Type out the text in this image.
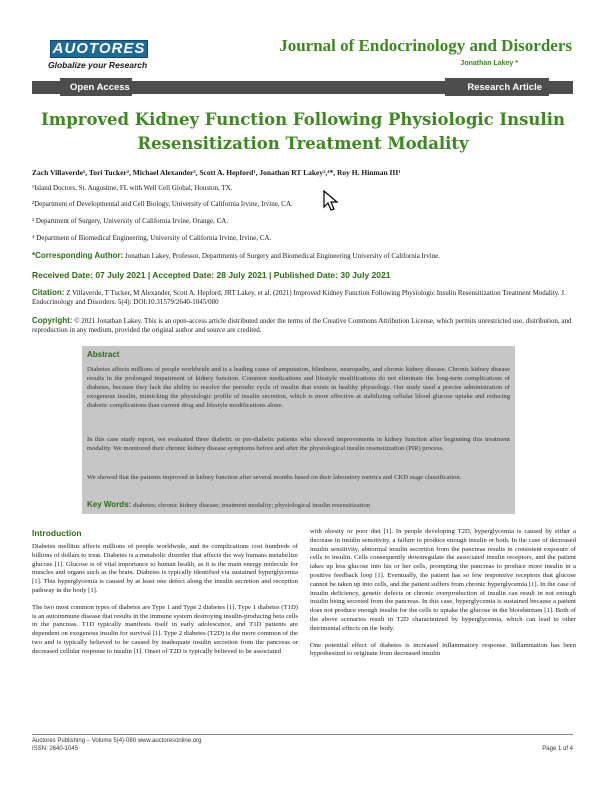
AUOTORES
Globalize your Research
Journal of Endocrinology and Disorders
Jonathan Lakey *
Open Access	Research Article
Improved Kidney Function Following Physiologic Insulin Resensitization Treatment Modality
Zach Villaverde¹, Tori Tucker², Michael Alexander³, Scott A. Hepford¹, Jonathan RT Lakey²,⁴*, Roy H. Hinman III¹
¹Island Doctors, St. Augustine, FL with Well Cell Global, Houston, TX.
²Department of Developmental and Cell Biology, University of California Irvine, Irvine, CA.
³ Department of Surgery, University of California Irvine, Orange, CA.
⁴ Department of Biomedical Engineering, University of California Irvine, Irvine, CA.
*Corresponding Author: Jonathan Lakey, Professor, Departments of Surgery and Biomedical Engineering University of California Irvine.
Received Date: 07 July 2021 | Accepted Date: 28 July 2021 | Published Date: 30 July 2021
Citation: Z Villaverde, T Tucker, M Alexander, Scott A. Hepford, JRT Lakey, et al. (2021) Improved Kidney Function Following Physiologic Insulin Resensitization Treatment Modality. J. Endocrinology and Disorders. 5(4): DOI:10.31579/2640-1045/080
Copyright: © 2021 Jonathan Lakey. This is an open-access article distributed under the terms of the Creative Commons Attribution License, which permits unrestricted use, distribution, and reproduction in any medium, provided the original author and source are credited.
Abstract
Diabetes affects millions of people worldwide and is a leading cause of amputation, blindness, neuropathy, and chronic kidney disease. Chronic kidney disease results in the prolonged impairment of kidney function. Common medications and lifestyle modifications do not eliminate the long-term complications of diabetes, because they lack the ability to resolve the periodic cycle of insulin that exists in healthy physiology. Our study used a precise administration of exogenous insulin, mimicking the physiologic profile of insulin secretion, which is more effective at stabilizing cellular blood glucose uptake and reducing diabetic complications than current drug and lifestyle modifications alone.
In this case study report, we evaluated three diabetic or pre-diabetic patients who showed improvements in kidney function after beginning this treatment modality. We monitored their chronic kidney disease symptoms before and after the physiological insulin resensitization (PIR) process.
We showed that the patients improved in kidney function after several months based on their laboratory metrics and CKD stage classification.
Key Words: diabetes; chronic kidney disease; treatment modality; physiological insulin resensitization
Introduction

Diabetes mellitus affects millions of people worldwide, and its complications cost hundreds of billions of dollars to treat. Diabetes is a metabolic disorder that affects the way humans metabolize glucose [1]. Glucose is of vital importance to human health, as it is the main energy molecule for muscles and organs such as the brain. Diabetes is typically identified via sustained hyperglycemia [1]. This hyperglycemia is caused by at least one defect along the insulin secretion and reception pathway in the body [1].

The two most common types of diabetes are Type 1 and Type 2 diabetes [1]. Type 1 diabetes (T1D) is an autoimmune disease that results in the immune system destroying insulin-producing beta cells in the pancreas. T1D typically manifests itself in early adolescence, and T1D patients are dependent on exogenous insulin for survival [1]. Type 2 diabetes (T2D) is the more common of the two and is typically believed to be caused by inadequate insulin secretion from the pancreas or decreased cellular response to insulin [1]. Onset of T2D is typically believed to be associated

with obesity or poor diet [1]. In people developing T2D, hyperglycemia is caused by either a decrease in insulin sensitivity, a failure to produce enough insulin or both. In the case of decreased insulin sensitivity, abnormal insulin secretion from the pancreas results in consistent exposure of cells to insulin. Cells consequently downregulate the associated insulin receptors, and the patient takes up less glucose into his or her cells, prompting the pancreas to produce more insulin in a positive feedback loop [1]. Eventually, the patient has so few responsive receptors that glucose cannot be taken up into cells, and the patient suffers from chronic hyperglycemia [1]. In the case of insulin deficiency, genetic defects or chronic overproduction of insulin can result in not enough insulin being secreted from the pancreas. In this case, hyperglycemia is sustained because a patient does not produce enough insulin for the cells to uptake the glucose in the bloodstream [1]. Both of the above scenarios result in T2D characterized by hyperglycemia, which can lead to other detrimental effects on the body.

One potential effect of diabetes is increased inflammatory response. Inflammation has been hypothesized to originate from decreased insulin

Auctores Publishing – Volume 5(4)-080 www.auctoresonline.org
ISSN: 2640-1045	Page 1 of 4
